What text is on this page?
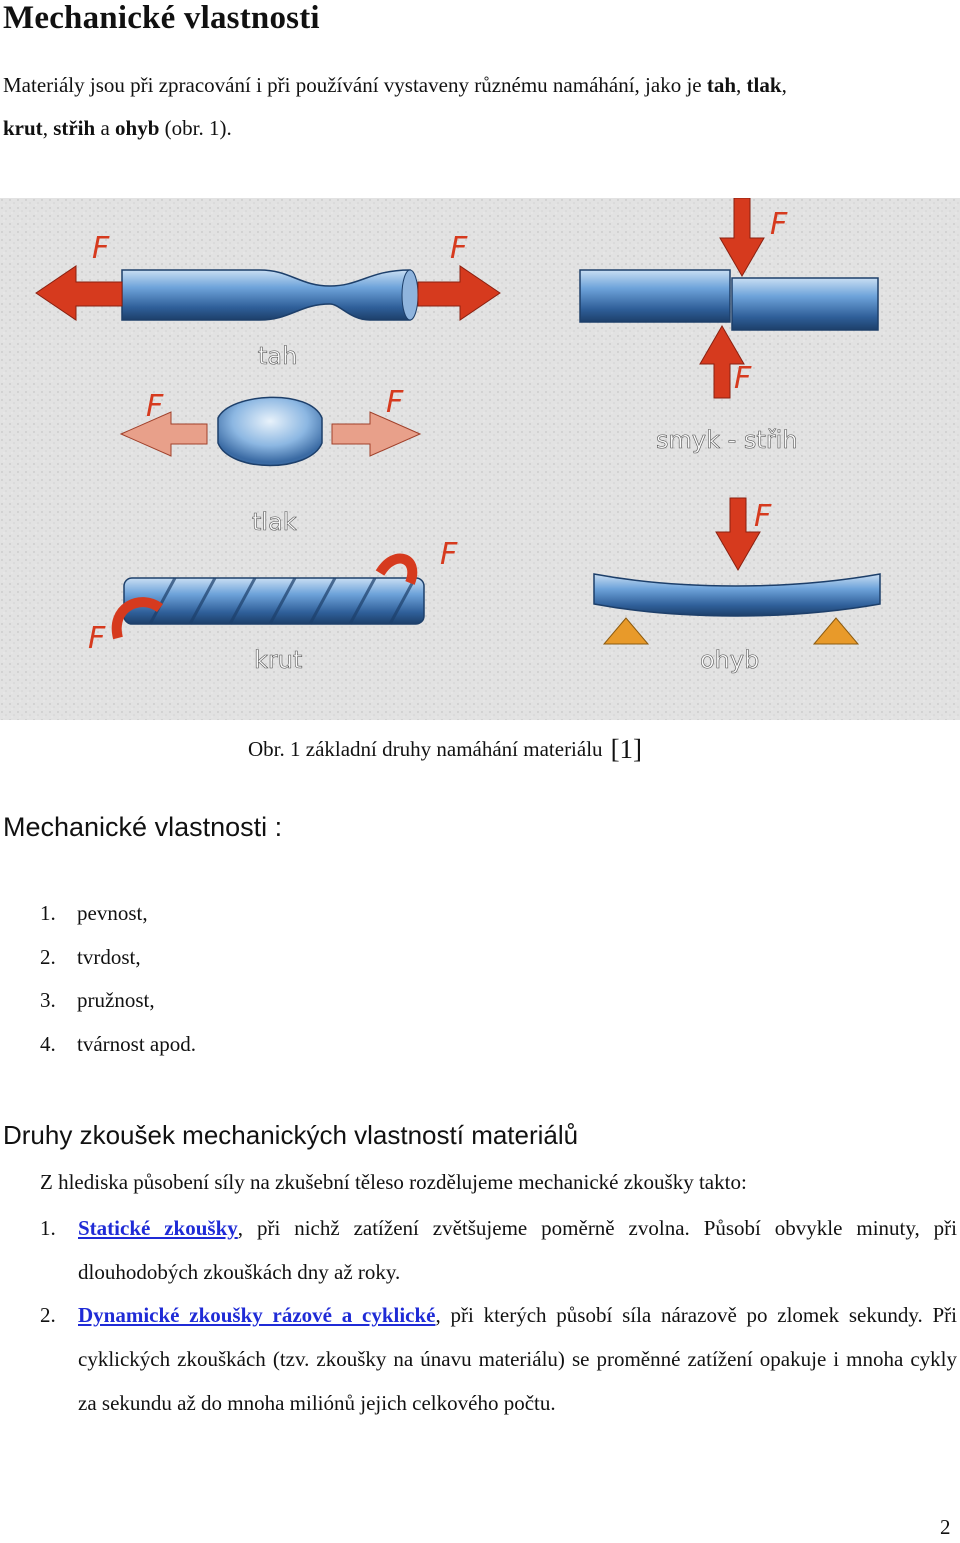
Mechanické vlastnosti
Materiály jsou při zpracování i při používání vystaveny různému namáhání, jako je tah, tlak,
krut, střih a ohyb (obr. 1).
F	F
tah
F	F
tlak
F
F
krut
F
F
smyk - střih
F
ohyb
Obr. 1 základní druhy namáhání materiálu [1]
Mechanické vlastnosti :
1. pevnost,
2. tvrdost,
3. pružnost,
4. tvárnost apod.
Druhy zkoušek mechanických vlastností materiálů
Z hlediska působení síly na zkušební těleso rozdělujeme mechanické zkoušky takto:
1. Statické zkoušky, při nichž zatížení zvětšujeme poměrně zvolna. Působí obvykle minuty, při dlouhodobých zkouškách dny až roky.
2. Dynamické zkoušky rázové a cyklické, při kterých působí síla nárazově po zlomek sekundy. Při cyklických zkouškách (tzv. zkoušky na únavu materiálu) se proměnné zatížení opakuje i mnoha cykly za sekundu až do mnoha miliónů jejich celkového počtu.
2
